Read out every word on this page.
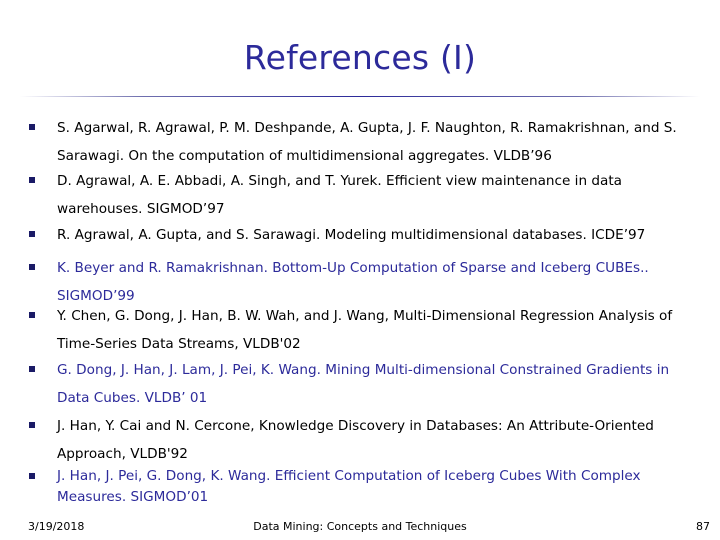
References (I)
S. Agarwal, R. Agrawal, P. M. Deshpande, A. Gupta, J. F. Naughton, R. Ramakrishnan, and S. Sarawagi. On the computation of multidimensional aggregates. VLDB’96
D. Agrawal, A. E. Abbadi, A. Singh, and T. Yurek. Efficient view maintenance in data warehouses. SIGMOD’97
R. Agrawal, A. Gupta, and S. Sarawagi. Modeling multidimensional databases. ICDE’97
K. Beyer and R. Ramakrishnan. Bottom-Up Computation of Sparse and Iceberg CUBEs.. SIGMOD’99
Y. Chen, G. Dong, J. Han, B. W. Wah, and J. Wang, Multi-Dimensional Regression Analysis of Time-Series Data Streams, VLDB'02
G. Dong, J. Han, J. Lam, J. Pei, K. Wang. Mining Multi-dimensional Constrained Gradients in Data Cubes. VLDB’ 01
J. Han, Y. Cai and N. Cercone, Knowledge Discovery in Databases: An Attribute-Oriented Approach, VLDB'92
J. Han, J. Pei, G. Dong, K. Wang. Efficient Computation of Iceberg Cubes With Complex Measures. SIGMOD’01
3/19/2018	Data Mining: Concepts and Techniques	87
